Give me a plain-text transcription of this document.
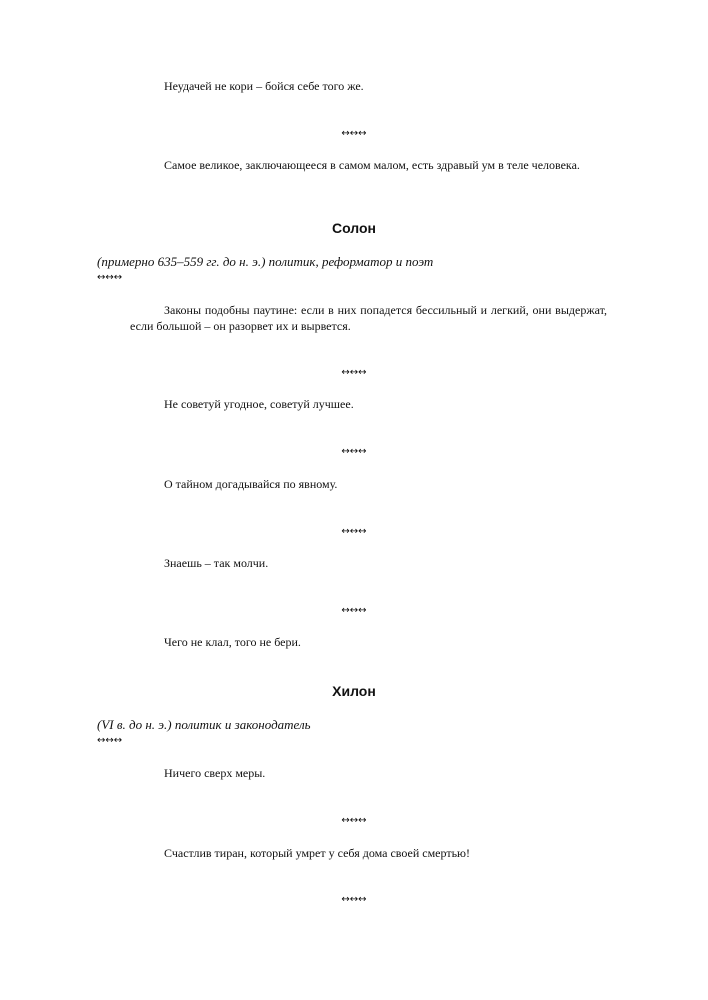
Неудачей не кори – бойся себе того же.

↔↔↔

Самое великое, заключающееся в самом малом, есть здравый ум в теле человека.

Солон

(примерно 635–559 гг. до н. э.) политик, реформатор и поэт

↔↔↔

Законы подобны паутине: если в них попадется бессильный и легкий, они выдержат, если большой – он разорвет их и вырвется.

↔↔↔

Не советуй угодное, советуй лучшее.

↔↔↔

О тайном догадывайся по явному.

↔↔↔

Знаешь – так молчи.

↔↔↔

Чего не клал, того не бери.

Хилон

(VI в. до н. э.) политик и законодатель

↔↔↔

Ничего сверх меры.

↔↔↔

Счастлив тиран, который умрет у себя дома своей смертью!

↔↔↔
